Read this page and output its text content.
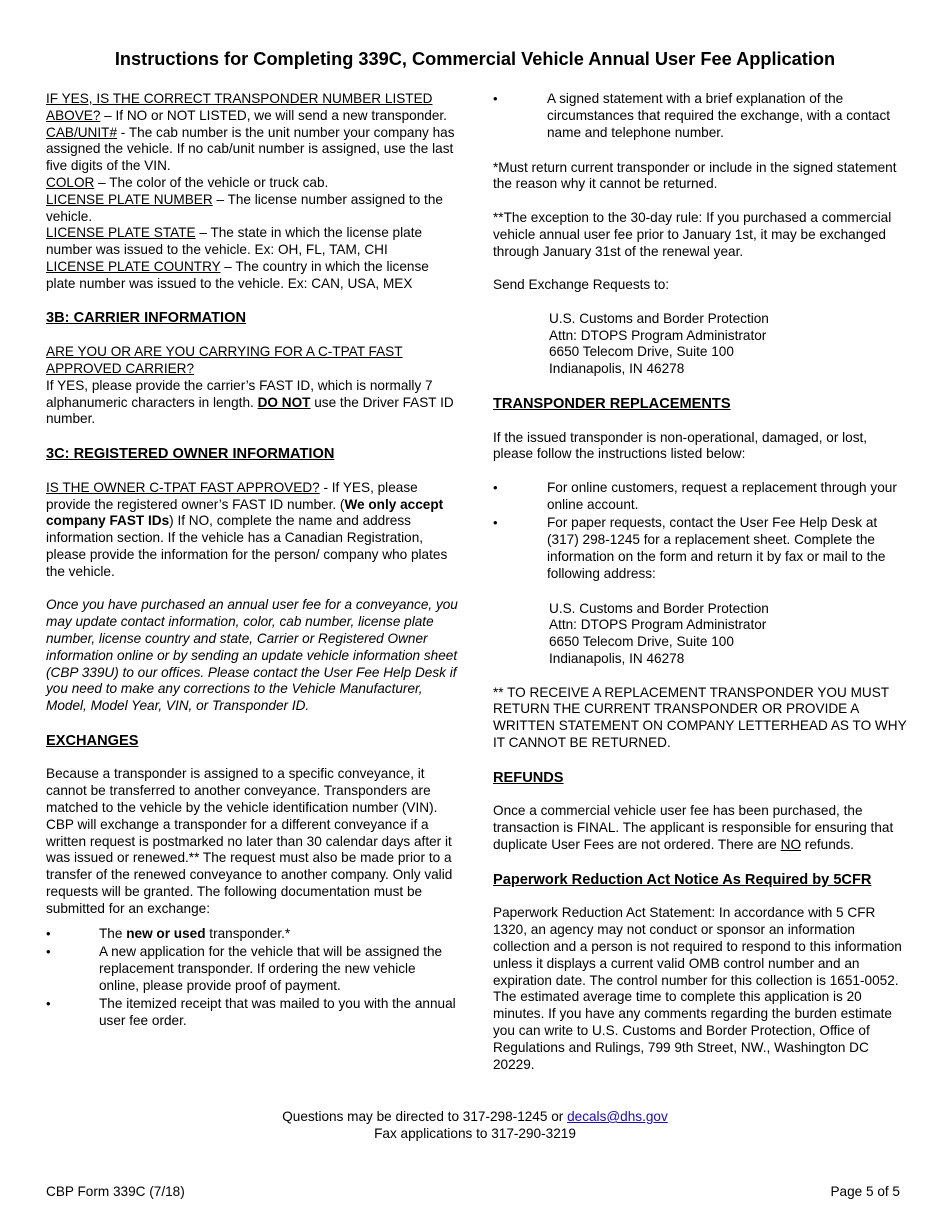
Instructions for Completing 339C, Commercial Vehicle Annual User Fee Application

IF YES, IS THE CORRECT TRANSPONDER NUMBER LISTED ABOVE? – If NO or NOT LISTED, we will send a new transponder.

CAB/UNIT# - The cab number is the unit number your company has assigned the vehicle. If no cab/unit number is assigned, use the last five digits of the VIN.

COLOR – The color of the vehicle or truck cab.

LICENSE PLATE NUMBER – The license number assigned to the vehicle.

LICENSE PLATE STATE – The state in which the license plate number was issued to the vehicle. Ex: OH, FL, TAM, CHI

LICENSE PLATE COUNTRY – The country in which the license plate number was issued to the vehicle. Ex: CAN, USA, MEX

3B: CARRIER INFORMATION

ARE YOU OR ARE YOU CARRYING FOR A C-TPAT FAST APPROVED CARRIER?

If YES, please provide the carrier’s FAST ID, which is normally 7 alphanumeric characters in length. DO NOT use the Driver FAST ID number.

3C: REGISTERED OWNER INFORMATION

IS THE OWNER C-TPAT FAST APPROVED? - If YES, please provide the registered owner’s FAST ID number. (We only accept company FAST IDs) If NO, complete the name and address information section. If the vehicle has a Canadian Registration, please provide the information for the person/ company who plates the vehicle.

Once you have purchased an annual user fee for a conveyance, you may update contact information, color, cab number, license plate number, license country and state, Carrier or Registered Owner information online or by sending an update vehicle information sheet (CBP 339U) to our offices. Please contact the User Fee Help Desk if you need to make any corrections to the Vehicle Manufacturer, Model, Model Year, VIN, or Transponder ID.

EXCHANGES

Because a transponder is assigned to a specific conveyance, it cannot be transferred to another conveyance. Transponders are matched to the vehicle by the vehicle identification number (VIN). CBP will exchange a transponder for a different conveyance if a written request is postmarked no later than 30 calendar days after it was issued or renewed.** The request must also be made prior to a transfer of the renewed conveyance to another company. Only valid requests will be granted. The following documentation must be submitted for an exchange:

•	The new or used transponder.*
•	A new application for the vehicle that will be assigned the replacement transponder. If ordering the new vehicle online, please provide proof of payment.
•	The itemized receipt that was mailed to you with the annual user fee order.
•	A signed statement with a brief explanation of the circumstances that required the exchange, with a contact name and telephone number.

*Must return current transponder or include in the signed statement the reason why it cannot be returned.

**The exception to the 30-day rule: If you purchased a commercial vehicle annual user fee prior to January 1st, it may be exchanged through January 31st of the renewal year.

Send Exchange Requests to:

U.S. Customs and Border Protection
Attn: DTOPS Program Administrator
6650 Telecom Drive, Suite 100
Indianapolis, IN 46278
TRANSPONDER REPLACEMENTS

If the issued transponder is non-operational, damaged, or lost, please follow the instructions listed below:

•	For online customers, request a replacement through your online account.
•	For paper requests, contact the User Fee Help Desk at (317) 298-1245 for a replacement sheet. Complete the information on the form and return it by fax or mail to the following address:
U.S. Customs and Border Protection
Attn: DTOPS Program Administrator
6650 Telecom Drive, Suite 100
Indianapolis, IN 46278

** TO RECEIVE A REPLACEMENT TRANSPONDER YOU MUST RETURN THE CURRENT TRANSPONDER OR PROVIDE A WRITTEN STATEMENT ON COMPANY LETTERHEAD AS TO WHY IT CANNOT BE RETURNED.

REFUNDS

Once a commercial vehicle user fee has been purchased, the transaction is FINAL. The applicant is responsible for ensuring that duplicate User Fees are not ordered. There are NO refunds.

Paperwork Reduction Act Notice As Required by 5CFR

Paperwork Reduction Act Statement: In accordance with 5 CFR 1320, an agency may not conduct or sponsor an information collection and a person is not required to respond to this information unless it displays a current valid OMB control number and an expiration date. The control number for this collection is 1651-0052. The estimated average time to complete this application is 20 minutes. If you have any comments regarding the burden estimate you can write to U.S. Customs and Border Protection, Office of Regulations and Rulings, 799 9th Street, NW., Washington DC 20229.

Questions may be directed to 317-298-1245 or decals@dhs.gov
Fax applications to 317-290-3219
CBP Form 339C (7/18)	Page 5 of 5
